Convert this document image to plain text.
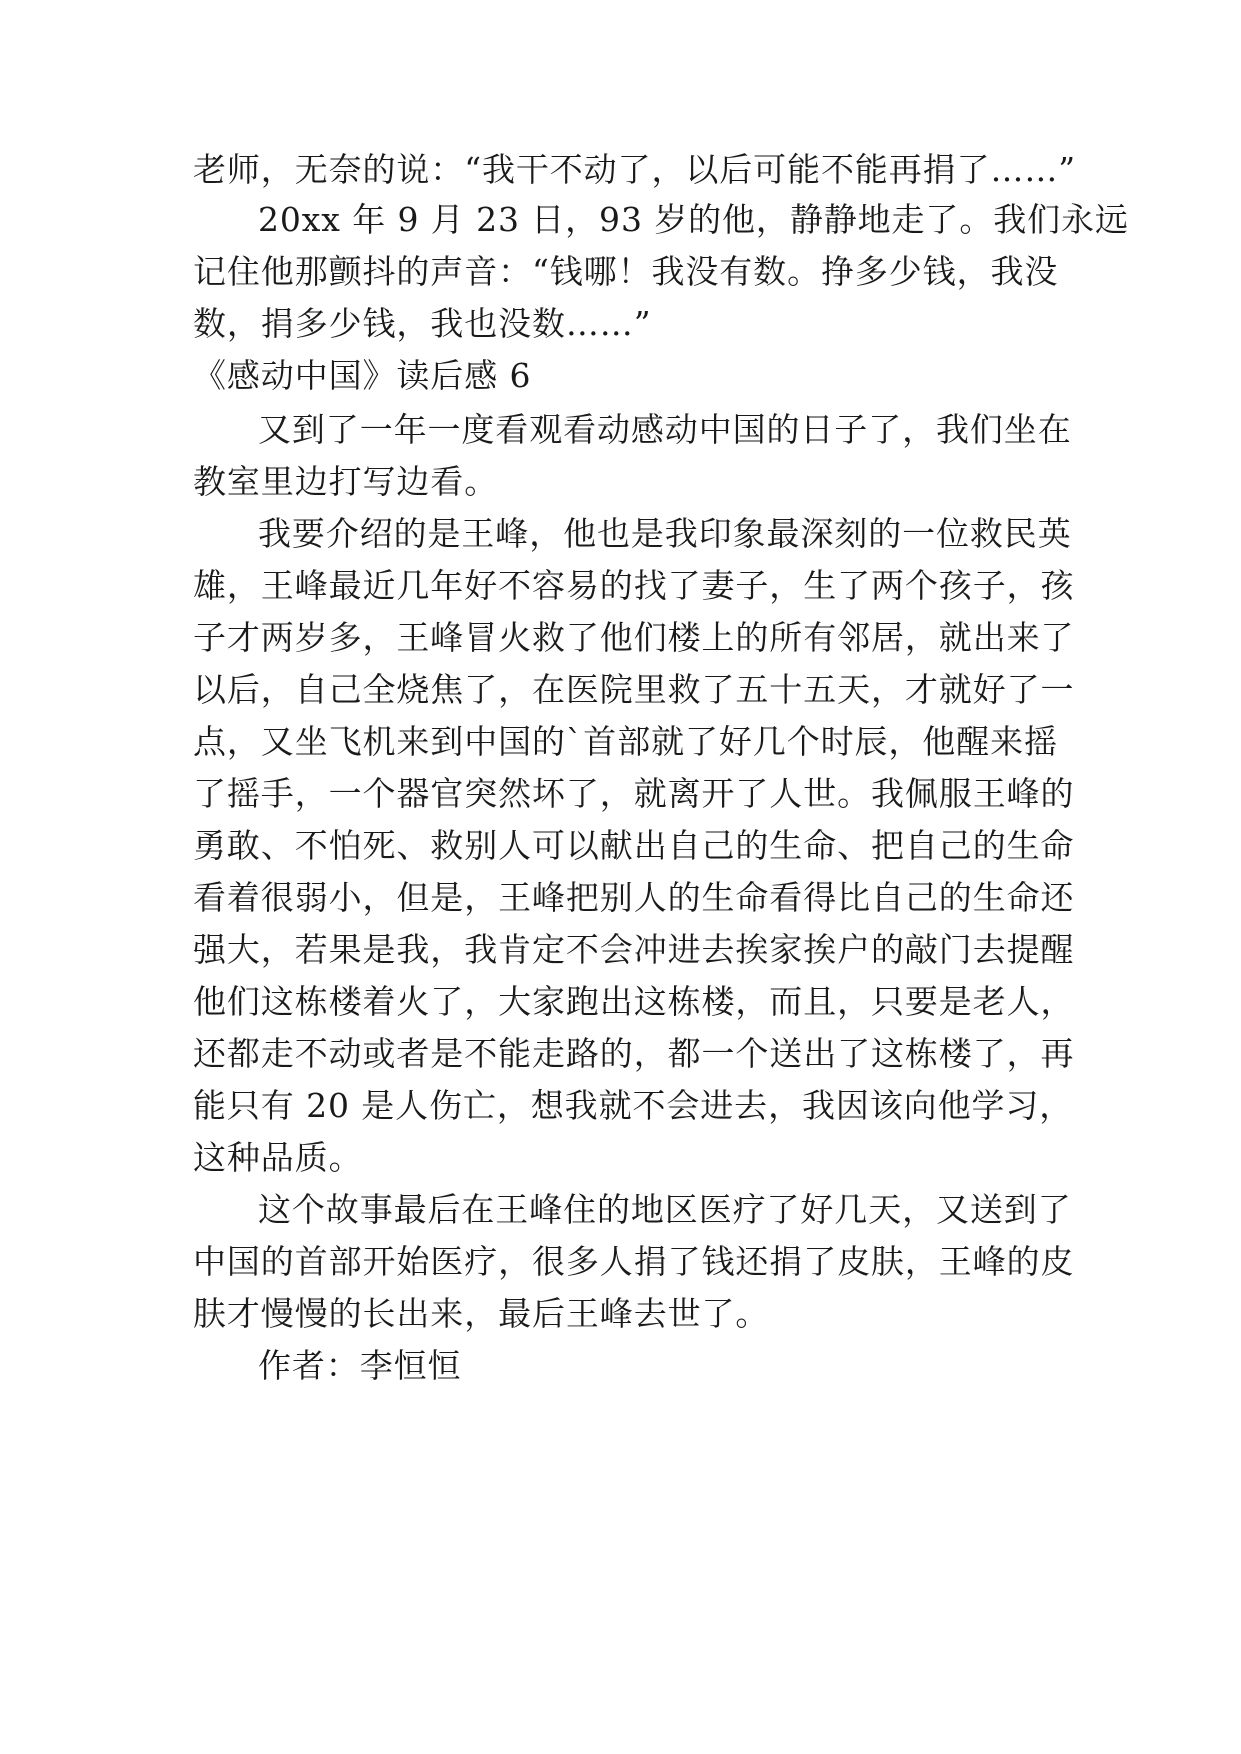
老师，无奈的说：“我干不动了，以后可能不能再捐了……”
20xx 年 9 月 23 日，93 岁的他，静静地走了。我们永远
记住他那颤抖的声音：“钱哪！我没有数。挣多少钱，我没
数，捐多少钱，我也没数……”
《感动中国》读后感 6
又到了一年一度看观看动感动中国的日子了，我们坐在
教室里边打写边看。
我要介绍的是王峰，他也是我印象最深刻的一位救民英
雄，王峰最近几年好不容易的找了妻子，生了两个孩子，孩
子才两岁多，王峰冒火救了他们楼上的所有邻居，就出来了
以后，自己全烧焦了，在医院里救了五十五天，才就好了一
点，又坐飞机来到中国的`首部就了好几个时辰，他醒来摇
了摇手，一个器官突然坏了，就离开了人世。我佩服王峰的
勇敢、不怕死、救别人可以献出自己的生命、把自己的生命
看着很弱小，但是，王峰把别人的生命看得比自己的生命还
强大，若果是我，我肯定不会冲进去挨家挨户的敲门去提醒
他们这栋楼着火了，大家跑出这栋楼，而且，只要是老人，
还都走不动或者是不能走路的，都一个送出了这栋楼了，再
能只有 20 是人伤亡，想我就不会进去，我因该向他学习，
这种品质。
这个故事最后在王峰住的地区医疗了好几天，又送到了
中国的首部开始医疗，很多人捐了钱还捐了皮肤，王峰的皮
肤才慢慢的长出来，最后王峰去世了。
作者：李恒恒
